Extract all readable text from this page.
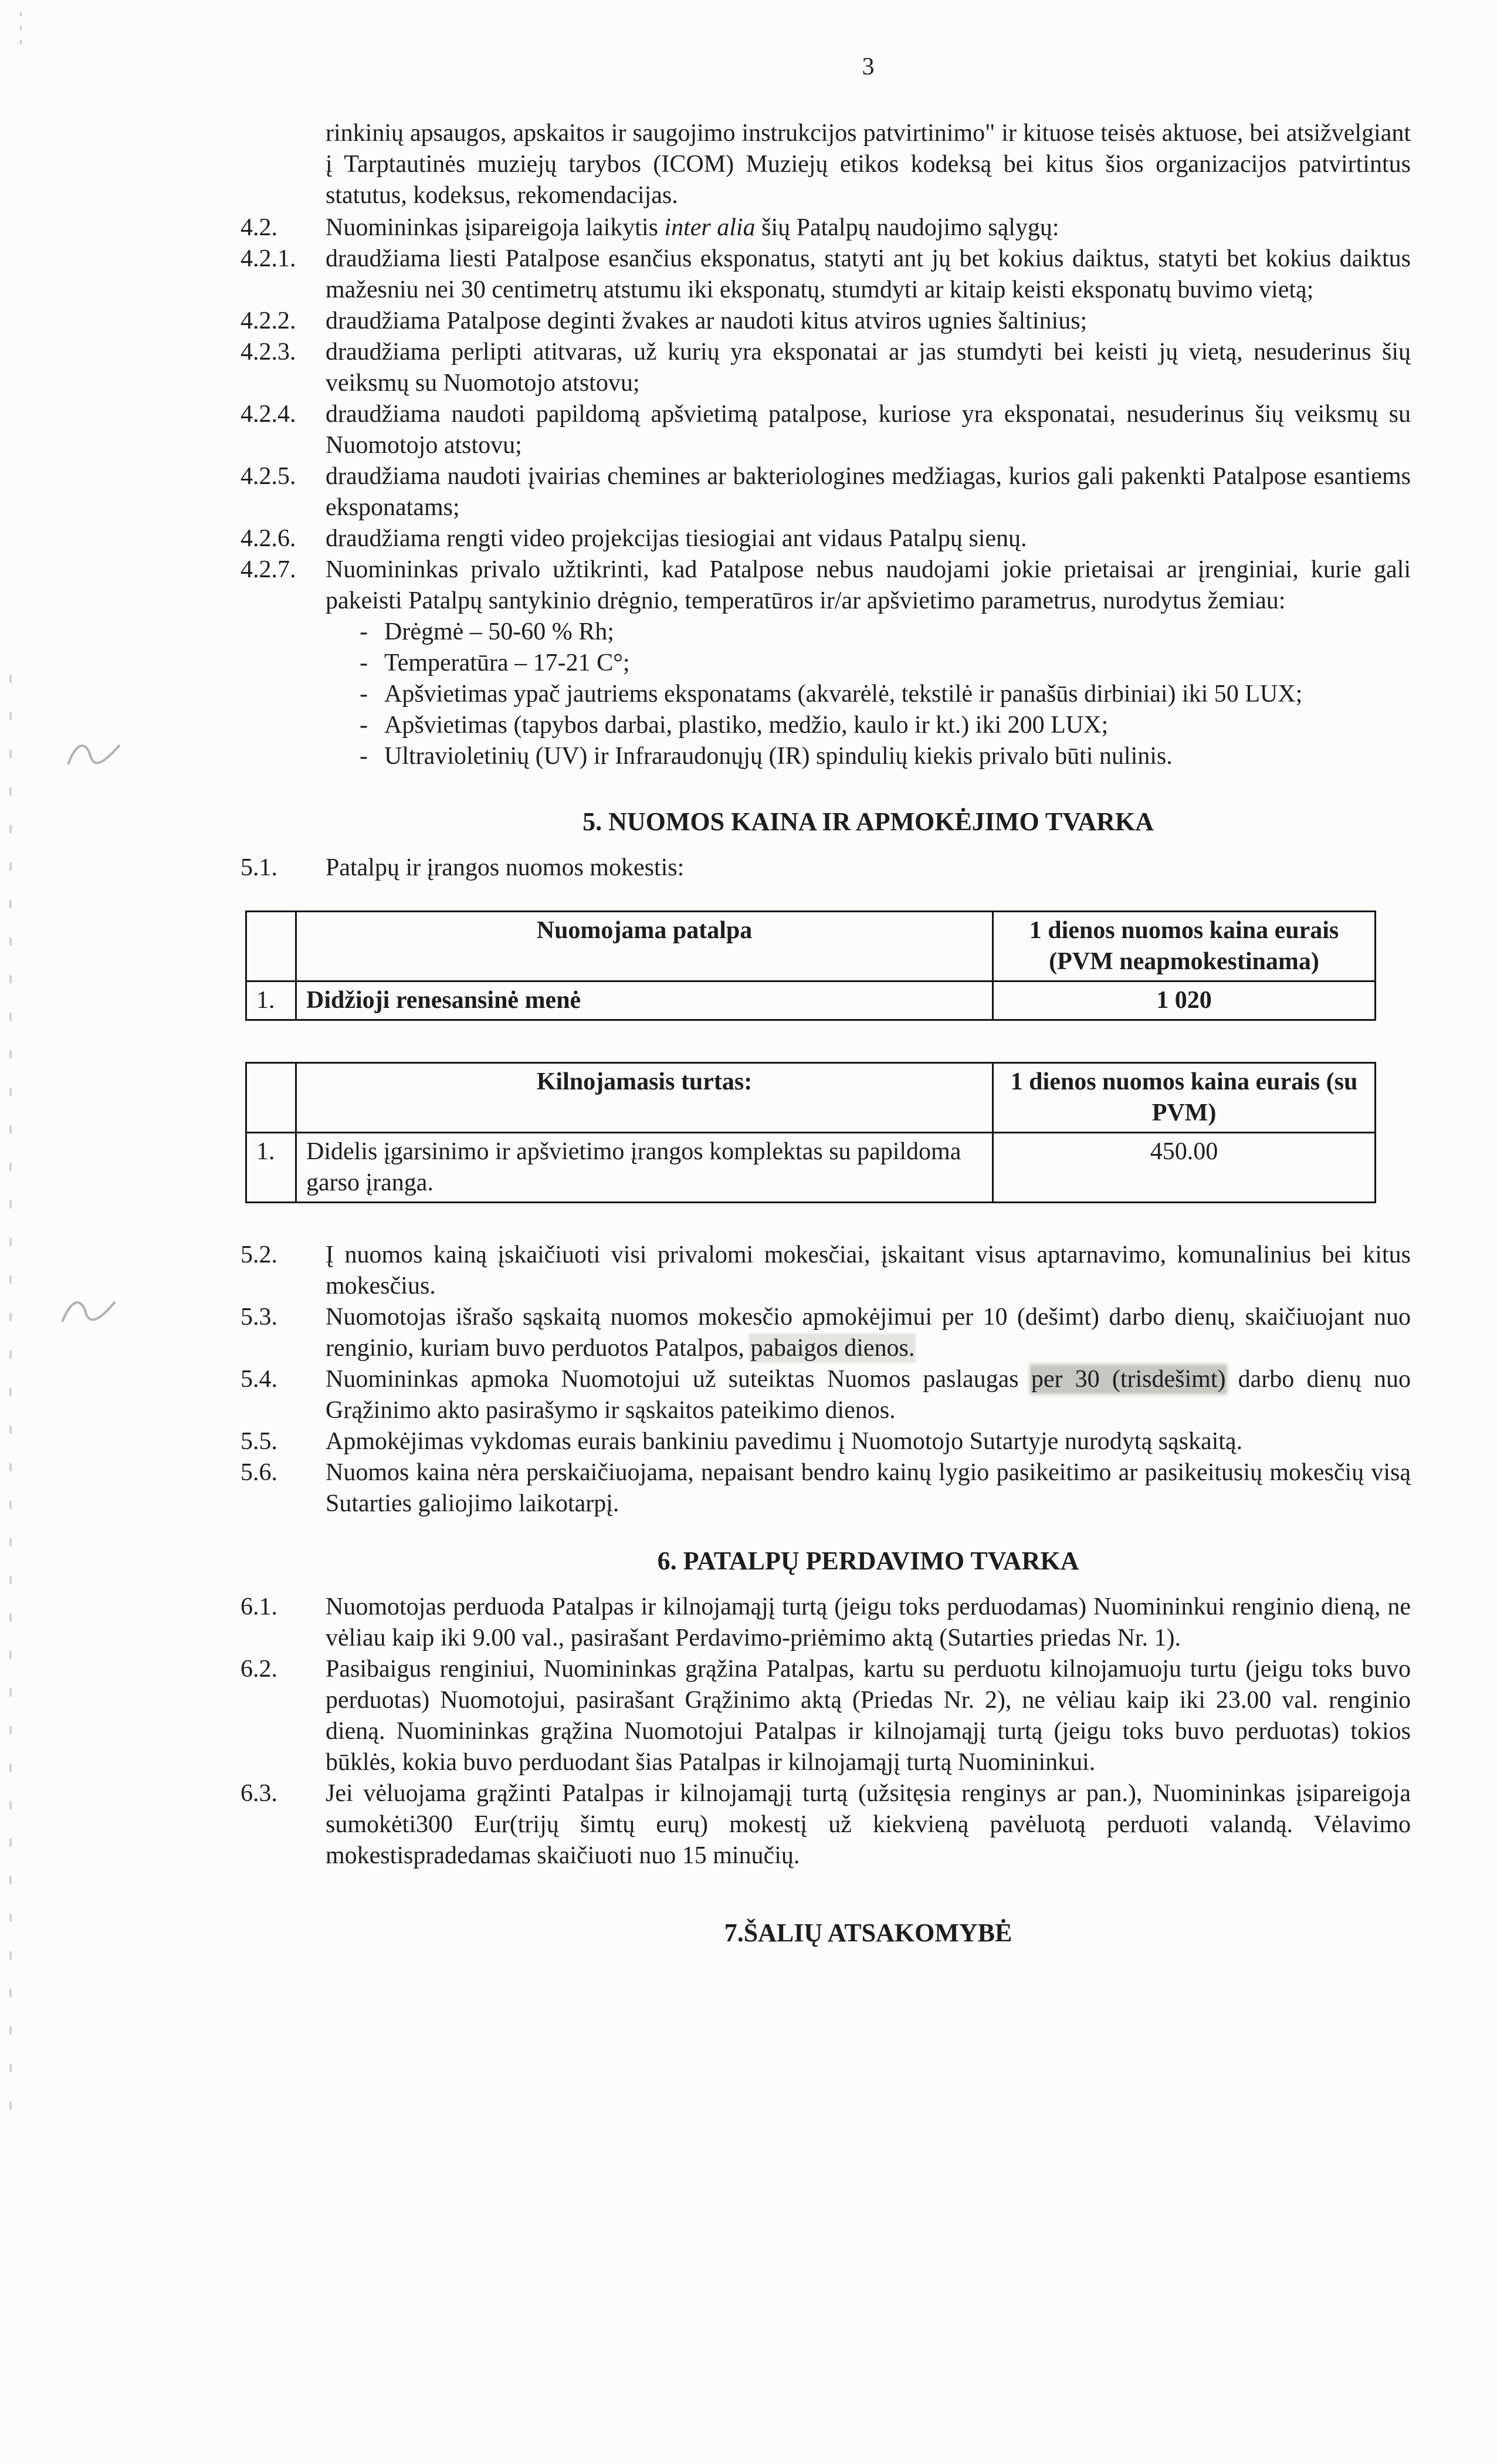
3

rinkinių apsaugos, apskaitos ir saugojimo instrukcijos patvirtinimo" ir kituose teisės aktuose, bei atsižvelgiant į Tarptautinės muziejų tarybos (ICOM) Muziejų etikos kodeksą bei kitus šios organizacijos patvirtintus statutus, kodeksus, rekomendacijas.

4.2.	Nuomininkas įsipareigoja laikytis inter alia šių Patalpų naudojimo sąlygų:
4.2.1.	draudžiama liesti Patalpose esančius eksponatus, statyti ant jų bet kokius daiktus, statyti bet kokius daiktus mažesniu nei 30 centimetrų atstumu iki eksponatų, stumdyti ar kitaip keisti eksponatų buvimo vietą;
4.2.2.	draudžiama Patalpose deginti žvakes ar naudoti kitus atviros ugnies šaltinius;
4.2.3.	draudžiama perlipti atitvaras, už kurių yra eksponatai ar jas stumdyti bei keisti jų vietą, nesuderinus šių veiksmų su Nuomotojo atstovu;
4.2.4.	draudžiama naudoti papildomą apšvietimą patalpose, kuriose yra eksponatai, nesuderinus šių veiksmų su Nuomotojo atstovu;
4.2.5.	draudžiama naudoti įvairias chemines ar bakteriologines medžiagas, kurios gali pakenkti Patalpose esantiems eksponatams;
4.2.6.	draudžiama rengti video projekcijas tiesiogiai ant vidaus Patalpų sienų.
4.2.7.	Nuomininkas privalo užtikrinti, kad Patalpose nebus naudojami jokie prietaisai ar įrenginiai, kurie gali pakeisti Patalpų santykinio drėgnio, temperatūros ir/ar apšvietimo parametrus, nurodytus žemiau:
- Drėgmė – 50-60 % Rh;
- Temperatūra – 17-21 C°;
- Apšvietimas ypač jautriems eksponatams (akvarėlė, tekstilė ir panašūs dirbiniai) iki 50 LUX;
- Apšvietimas (tapybos darbai, plastiko, medžio, kaulo ir kt.) iki 200 LUX;
- Ultravioletinių (UV) ir Infraraudonųjų (IR) spindulių kiekis privalo būti nulinis.
5. NUOMOS KAINA IR APMOKĖJIMO TVARKA
5.1.	Patalpų ir įrangos nuomos mokestis:
	Nuomojama patalpa	1 dienos nuomos kaina eurais (PVM neapmokestinama)
1.	Didžioji renesansinė menė	1 020
	Kilnojamasis turtas:	1 dienos nuomos kaina eurais (su PVM)
1.	Didelis įgarsinimo ir apšvietimo įrangos komplektas su papildoma garso įranga.	450.00
5.2.	Į nuomos kainą įskaičiuoti visi privalomi mokesčiai, įskaitant visus aptarnavimo, komunalinius bei kitus mokesčius.
5.3.	Nuomotojas išrašo sąskaitą nuomos mokesčio apmokėjimui per 10 (dešimt) darbo dienų, skaičiuojant nuo renginio, kuriam buvo perduotos Patalpos, pabaigos dienos.
5.4.	Nuomininkas apmoka Nuomotojui už suteiktas Nuomos paslaugas per 30 (trisdešimt) darbo dienų nuo Grąžinimo akto pasirašymo ir sąskaitos pateikimo dienos.
5.5.	Apmokėjimas vykdomas eurais bankiniu pavedimu į Nuomotojo Sutartyje nurodytą sąskaitą.
5.6.	Nuomos kaina nėra perskaičiuojama, nepaisant bendro kainų lygio pasikeitimo ar pasikeitusių mokesčių visą Sutarties galiojimo laikotarpį.
6. PATALPŲ PERDAVIMO TVARKA
6.1.	Nuomotojas perduoda Patalpas ir kilnojamąjį turtą (jeigu toks perduodamas) Nuomininkui renginio dieną, ne vėliau kaip iki 9.00 val., pasirašant Perdavimo-priėmimo aktą (Sutarties priedas Nr. 1).
6.2.	Pasibaigus renginiui, Nuomininkas grąžina Patalpas, kartu su perduotu kilnojamuoju turtu (jeigu toks buvo perduotas) Nuomotojui, pasirašant Grąžinimo aktą (Priedas Nr. 2), ne vėliau kaip iki 23.00 val. renginio dieną. Nuomininkas grąžina Nuomotojui Patalpas ir kilnojamąjį turtą (jeigu toks buvo perduotas) tokios būklės, kokia buvo perduodant šias Patalpas ir kilnojamąjį turtą Nuomininkui.
6.3.	Jei vėluojama grąžinti Patalpas ir kilnojamąjį turtą (užsitęsia renginys ar pan.), Nuomininkas įsipareigoja sumokėti300 Eur(trijų šimtų eurų) mokestį už kiekvieną pavėluotą perduoti valandą. Vėlavimo mokestispradedamas skaičiuoti nuo 15 minučių.
7.ŠALIŲ ATSAKOMYBĖ
